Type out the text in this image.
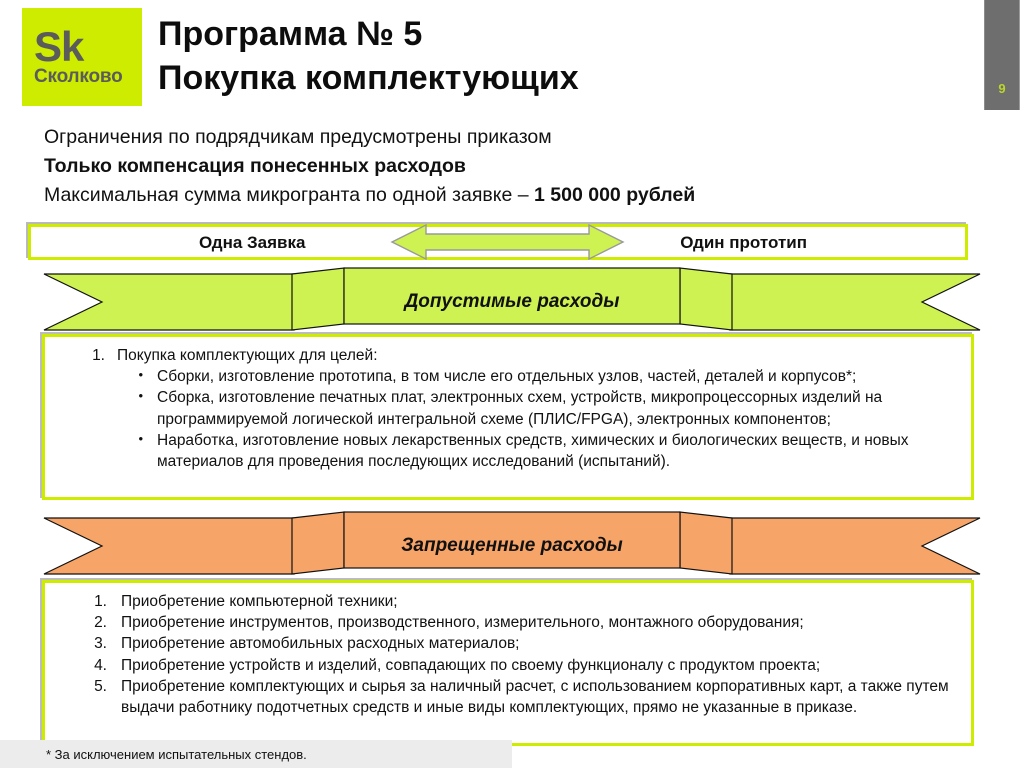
Sk
Сколково
Программа № 5
Покупка комплектующих	9
Ограничения по подрядчикам предусмотрены приказом
Только компенсация понесенных расходов
Максимальная сумма микрогранта по одной заявке – 1 500 000 рублей
Одна Заявка	Один прототип
Допустимые расходы
1. Покупка комплектующих для целей:
• Сборки, изготовление прототипа, в том числе его отдельных узлов, частей, деталей и корпусов*;
• Сборка, изготовление печатных плат, электронных схем, устройств, микропроцессорных изделий на программируемой логической интегральной схеме (ПЛИС/FPGA), электронных компонентов;
• Наработка, изготовление новых лекарственных средств, химических и биологических веществ, и новых материалов для проведения последующих исследований (испытаний).
Запрещенные расходы
1. Приобретение компьютерной техники;
2. Приобретение инструментов, производственного, измерительного, монтажного оборудования;
3. Приобретение автомобильных расходных материалов;
4. Приобретение устройств и изделий, совпадающих по своему функционалу с продуктом проекта;
5. Приобретение комплектующих и сырья за наличный расчет, с использованием корпоративных карт, а также путем выдачи работнику подотчетных средств и иные виды комплектующих, прямо не указанные в приказе.
* За исключением испытательных стендов.
